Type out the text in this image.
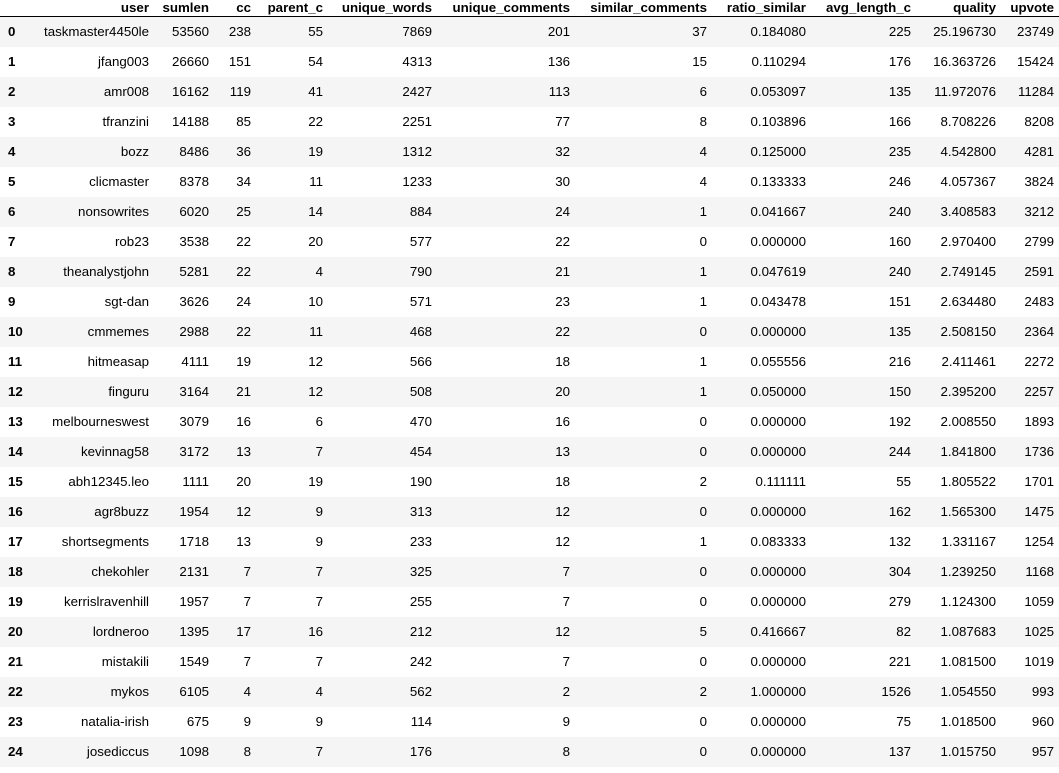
	user	sumlen	cc	parent_c	unique_words	unique_comments	similar_comments	ratio_similar	avg_length_c	quality	upvote
0	taskmaster4450le	53560	238	55	7869	201	37	0.184080	225	25.196730	23749
1	jfang003	26660	151	54	4313	136	15	0.110294	176	16.363726	15424
2	amr008	16162	119	41	2427	113	6	0.053097	135	11.972076	11284
3	tfranzini	14188	85	22	2251	77	8	0.103896	166	8.708226	8208
4	bozz	8486	36	19	1312	32	4	0.125000	235	4.542800	4281
5	clicmaster	8378	34	11	1233	30	4	0.133333	246	4.057367	3824
6	nonsowrites	6020	25	14	884	24	1	0.041667	240	3.408583	3212
7	rob23	3538	22	20	577	22	0	0.000000	160	2.970400	2799
8	theanalystjohn	5281	22	4	790	21	1	0.047619	240	2.749145	2591
9	sgt-dan	3626	24	10	571	23	1	0.043478	151	2.634480	2483
10	cmmemes	2988	22	11	468	22	0	0.000000	135	2.508150	2364
11	hitmeasap	4111	19	12	566	18	1	0.055556	216	2.411461	2272
12	finguru	3164	21	12	508	20	1	0.050000	150	2.395200	2257
13	melbourneswest	3079	16	6	470	16	0	0.000000	192	2.008550	1893
14	kevinnag58	3172	13	7	454	13	0	0.000000	244	1.841800	1736
15	abh12345.leo	1111	20	19	190	18	2	0.111111	55	1.805522	1701
16	agr8buzz	1954	12	9	313	12	0	0.000000	162	1.565300	1475
17	shortsegments	1718	13	9	233	12	1	0.083333	132	1.331167	1254
18	chekohler	2131	7	7	325	7	0	0.000000	304	1.239250	1168
19	kerrislravenhill	1957	7	7	255	7	0	0.000000	279	1.124300	1059
20	lordneroo	1395	17	16	212	12	5	0.416667	82	1.087683	1025
21	mistakili	1549	7	7	242	7	0	0.000000	221	1.081500	1019
22	mykos	6105	4	4	562	2	2	1.000000	1526	1.054550	993
23	natalia-irish	675	9	9	114	9	0	0.000000	75	1.018500	960
24	josediccus	1098	8	7	176	8	0	0.000000	137	1.015750	957
